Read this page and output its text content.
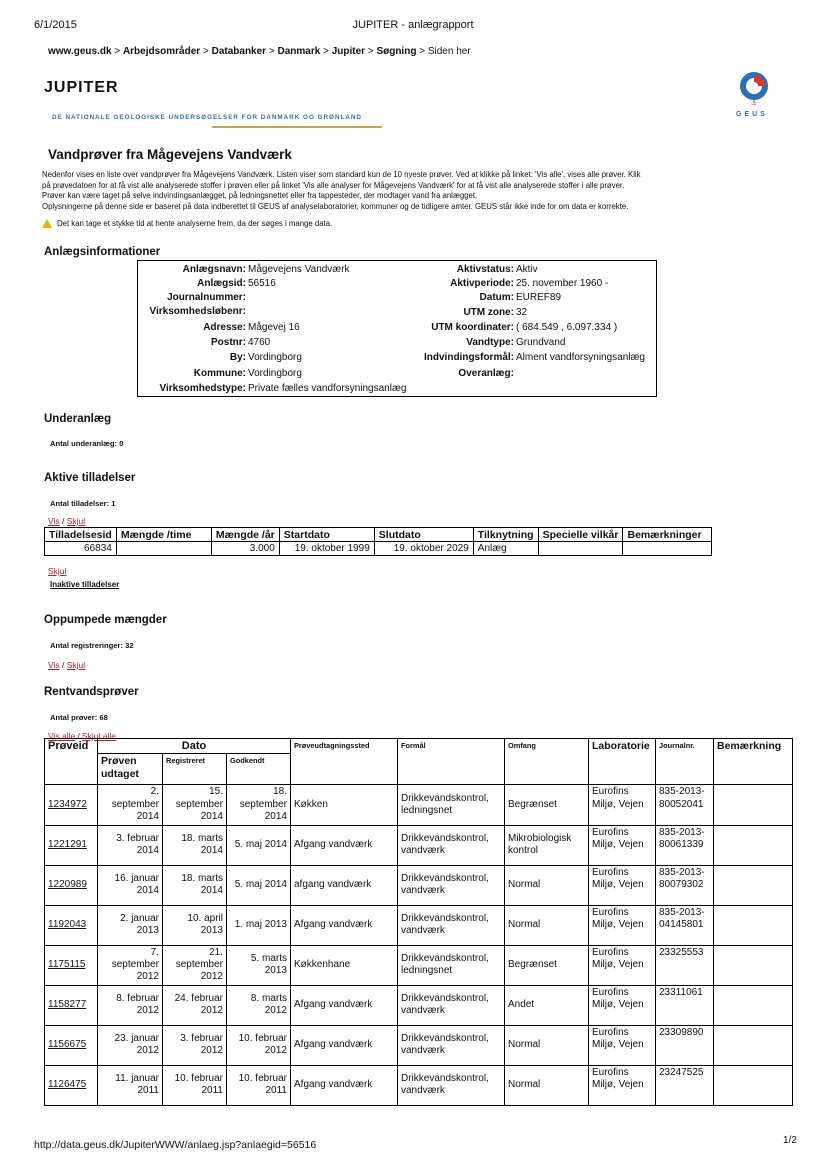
6/1/2015	JUPITER - anlægrapport
www.geus.dk > Arbejdsområder > Databanker > Danmark > Jupiter > Søgning > Siden her
JUPITER
DE NATIONALE GEOLOGISKE UNDERSØGELSER FOR DANMARK OG GRØNLAND
⚓
GEUS
Vandprøver fra Mågevejens Vandværk
Nedenfor vises en liste over vandprøver fra Mågevejens Vandværk. Listen viser som standard kun de 10 nyeste prøver. Ved at klikke på linket: 'Vis alle', vises alle prøver. Klik
på prøvedatoen for at få vist alle analyserede stoffer i prøven eller på linket 'Vis alle analyser for Mågevejens Vandværk' for at få vist alle analyserede stoffer i alle prøver.
Prøver kan være taget på selve indvindingsanlægget, på ledningsnettet eller fra tappesteder, der modtager vand fra anlægget.
Oplysningerne på denne side er baseret på data indberettet til GEUS af analyselaboratorier, kommuner og de tidligere amter. GEUS står ikke inde for om data er korrekte.
Det kan tage et stykke tid at hente analyserne frem, da der søges i mange data.
Anlægsinformationer
Anlægsnavn: Mågevejens Vandværk
Anlægsid: 56516
Journalnummer:
Virksomhedsløbenr:
Adresse: Mågevej 16
Postnr: 4760
By: Vordingborg
Kommune: Vordingborg
Virksomhedstype: Private fælles vandforsyningsanlæg
Aktivstatus: Aktiv
Aktivperiode: 25. november 1960 -
Datum: EUREF89
UTM zone: 32
UTM koordinater: ( 684.549 , 6.097.334 )
Vandtype: Grundvand
Indvindingsformål: Alment vandforsyningsanlæg
Overanlæg:
Underanlæg
Antal underanlæg: 0
Aktive tilladelser
Antal tilladelser: 1
Vis / Skjul
Tilladelsesid	Mængde /time	Mængde /år	Startdato	Slutdato	Tilknytning	Specielle vilkår	Bemærkninger
66834		3.000	19. oktober 1999	19. oktober 2029	Anlæg		
Skjul
Inaktive tilladelser
Oppumpede mængder
Antal registreringer: 32
Vis / Skjul
Rentvandsprøver
Antal prøver: 68
Vis alle / Skjul alle
Prøveid	Dato			Prøveudtagningssted	Formål	Omfang	Laboratorie	Journalnr.	Bemærkning
	Prøven udtaget	Registreret	Godkendt						
1234972	2. september 2014	15. september 2014	18. september 2014	Køkken	Drikkevandskontrol, ledningsnet	Begrænset	Eurofins Miljø, Vejen	835-2013-80052041	
1221291	3. februar 2014	18. marts 2014	5. maj 2014	Afgang vandværk	Drikkevandskontrol, vandværk	Mikrobiologisk kontrol	Eurofins Miljø, Vejen	835-2013-80061339	
1220989	16. januar 2014	18. marts 2014	5. maj 2014	afgang vandværk	Drikkevandskontrol, vandværk	Normal	Eurofins Miljø, Vejen	835-2013-80079302	
1192043	2. januar 2013	10. april 2013	1. maj 2013	Afgang vandværk	Drikkevandskontrol, vandværk	Normal	Eurofins Miljø, Vejen	835-2013-04145801	
1175115	7. september 2012	21. september 2012	5. marts 2013	Køkkenhane	Drikkevandskontrol, ledningsnet	Begrænset	Eurofins Miljø, Vejen	23325553	
1158277	8. februar 2012	24. februar 2012	8. marts 2012	Afgang vandværk	Drikkevandskontrol, vandværk	Andet	Eurofins Miljø, Vejen	23311061	
1156675	23. januar 2012	3. februar 2012	10. februar 2012	Afgang vandværk	Drikkevandskontrol, vandværk	Normal	Eurofins Miljø, Vejen	23309890	
1126475	11. januar 2011	10. februar 2011	10. februar 2011	Afgang vandværk	Drikkevandskontrol, vandværk	Normal	Eurofins Miljø, Vejen	23247525	
http://data.geus.dk/JupiterWWW/anlaeg.jsp?anlaegid=56516	1/2
